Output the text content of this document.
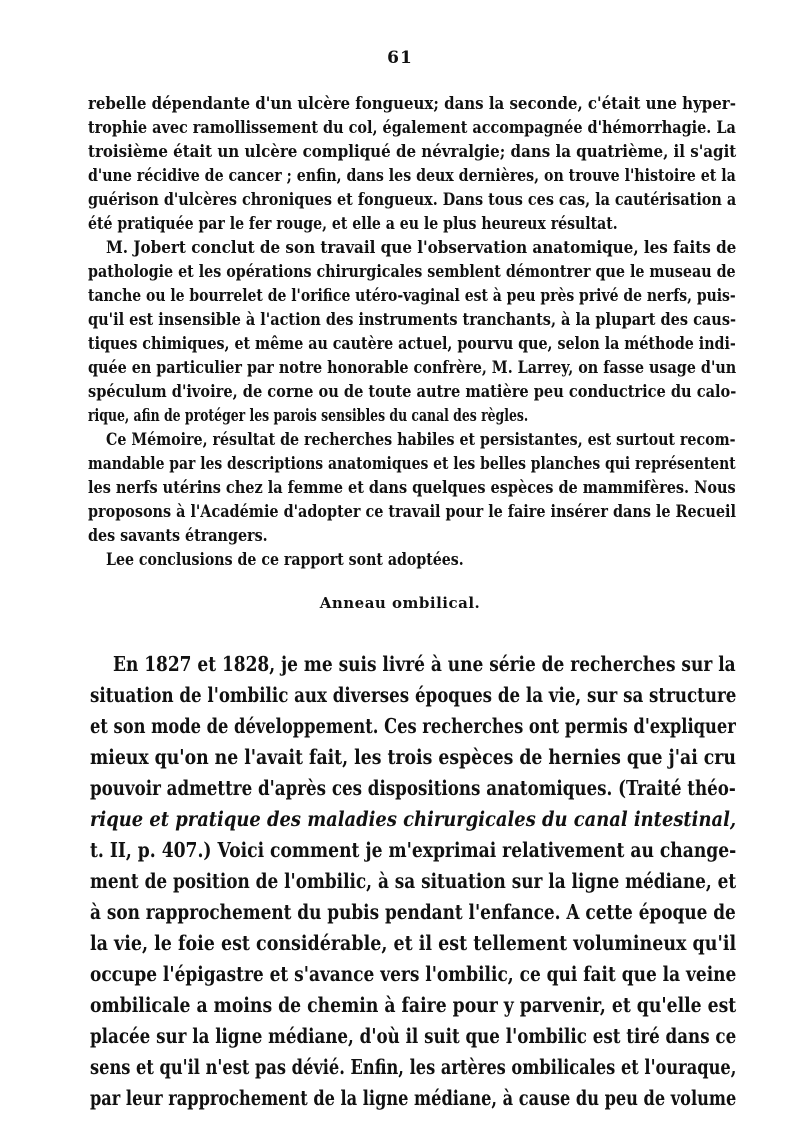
61
rebelle dépendante d'un ulcère fongueux; dans la seconde, c'était une hyper-
trophie avec ramollissement du col, également accompagnée d'hémorrhagie. La
troisième était un ulcère compliqué de névralgie; dans la quatrième, il s'agit
d'une récidive de cancer ; enfin, dans les deux dernières, on trouve l'histoire et la
guérison d'ulcères chroniques et fongueux. Dans tous ces cas, la cautérisation a
été pratiquée par le fer rouge, et elle a eu le plus heureux résultat.
M. Jobert conclut de son travail que l'observation anatomique, les faits de
pathologie et les opérations chirurgicales semblent démontrer que le museau de
tanche ou le bourrelet de l'orifice utéro-vaginal est à peu près privé de nerfs, puis-
qu'il est insensible à l'action des instruments tranchants, à la plupart des caus-
tiques chimiques, et même au cautère actuel, pourvu que, selon la méthode indi-
quée en particulier par notre honorable confrère, M. Larrey, on fasse usage d'un
spéculum d'ivoire, de corne ou de toute autre matière peu conductrice du calo-
rique, afin de protéger les parois sensibles du canal des règles.
Ce Mémoire, résultat de recherches habiles et persistantes, est surtout recom-
mandable par les descriptions anatomiques et les belles planches qui représentent
les nerfs utérins chez la femme et dans quelques espèces de mammifères. Nous
proposons à l'Académie d'adopter ce travail pour le faire insérer dans le Recueil
des savants étrangers.
Lee conclusions de ce rapport sont adoptées.
Anneau ombilical.
En 1827 et 1828, je me suis livré à une série de recherches sur la
situation de l'ombilic aux diverses époques de la vie, sur sa structure
et son mode de développement. Ces recherches ont permis d'expliquer
mieux qu'on ne l'avait fait, les trois espèces de hernies que j'ai cru
pouvoir admettre d'après ces dispositions anatomiques. (Traité théo-
rique et pratique des maladies chirurgicales du canal intestinal,
t. II, p. 407.) Voici comment je m'exprimai relativement au change-
ment de position de l'ombilic, à sa situation sur la ligne médiane, et
à son rapprochement du pubis pendant l'enfance. A cette époque de
la vie, le foie est considérable, et il est tellement volumineux qu'il
occupe l'épigastre et s'avance vers l'ombilic, ce qui fait que la veine
ombilicale a moins de chemin à faire pour y parvenir, et qu'elle est
placée sur la ligne médiane, d'où il suit que l'ombilic est tiré dans ce
sens et qu'il n'est pas dévié. Enfin, les artères ombilicales et l'ouraque,
par leur rapprochement de la ligne médiane, à cause du peu de volume
